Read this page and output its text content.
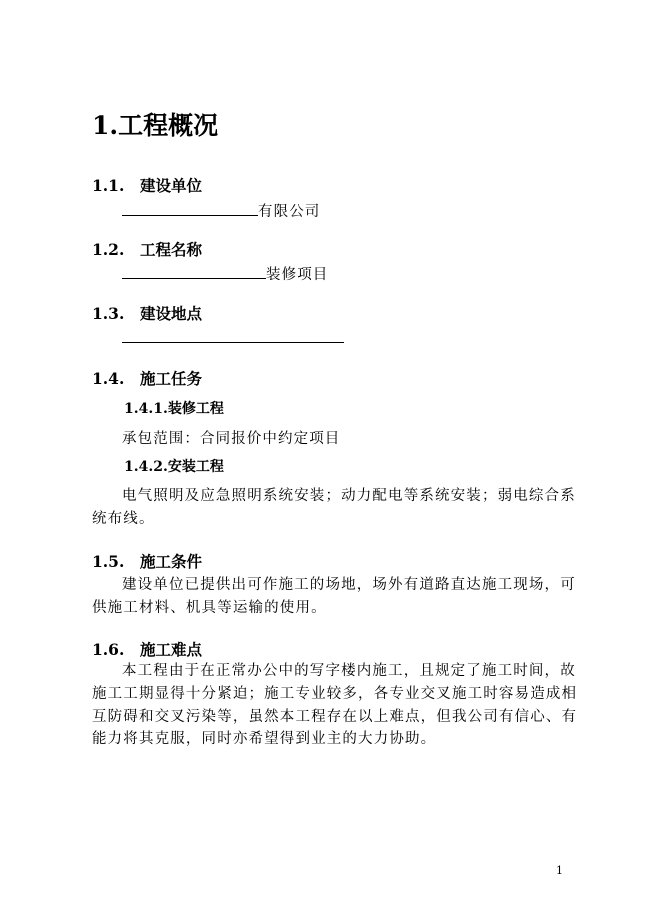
1.工程概况
1.1. 建设单位
有限公司
1.2. 工程名称
装修项目
1.3. 建设地点
1.4. 施工任务
1.4.1.装修工程
承包范围：合同报价中约定项目
1.4.2.安装工程
电气照明及应急照明系统安装；动力配电等系统安装；弱电综合系统布线。
1.5. 施工条件
建设单位已提供出可作施工的场地，场外有道路直达施工现场，可供施工材料、机具等运输的使用。
1.6. 施工难点
本工程由于在正常办公中的写字楼内施工，且规定了施工时间，故施工工期显得十分紧迫；施工专业较多，各专业交叉施工时容易造成相互防碍和交叉污染等，虽然本工程存在以上难点，但我公司有信心、有能力将其克服，同时亦希望得到业主的大力协助。
1
